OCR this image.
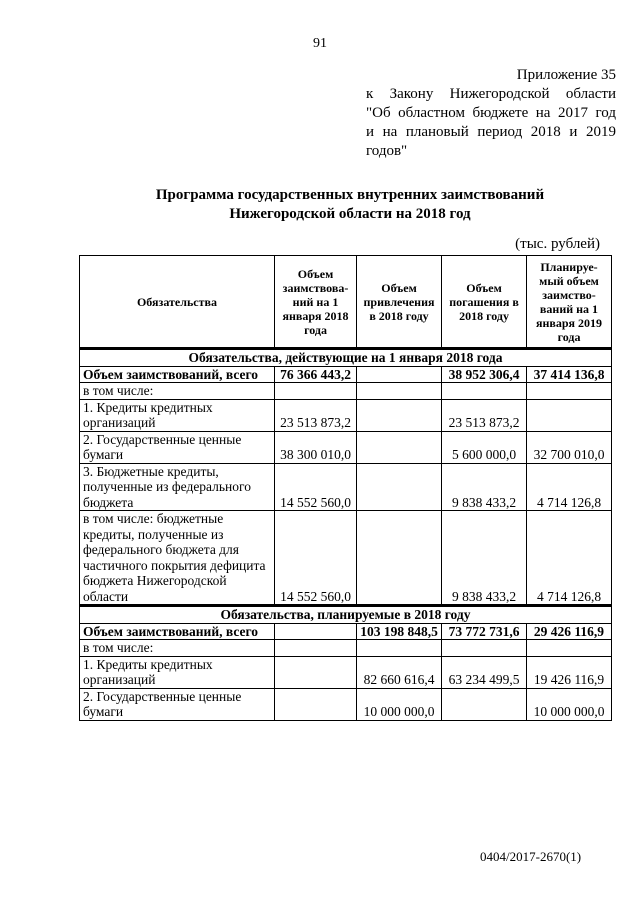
91
Приложение 35
к Закону Нижегородской области
"Об областном бюджете на 2017 год
и на плановый период 2018 и 2019
годов"
Программа государственных внутренних заимствований
Нижегородской области на 2018 год
(тыс. рублей)
Обязательства	Объем заимствова-ний на 1 января 2018 года	Объем привлечения в 2018 году	Объем погашения в 2018 году	Планируе-мый объем заимство-ваний на 1 января 2019 года
Обязательства, действующие на 1 января 2018 года				
Объем заимствований, всего	76 366 443,2		38 952 306,4	37 414 136,8
в том числе:				
1. Кредиты кредитных организаций	23 513 873,2		23 513 873,2	
2. Государственные ценные бумаги	38 300 010,0		5 600 000,0	32 700 010,0
3. Бюджетные кредиты, полученные из федерального бюджета	14 552 560,0		9 838 433,2	4 714 126,8
в том числе: бюджетные кредиты, полученные из федерального бюджета для частичного покрытия дефицита бюджета Нижегородской области	14 552 560,0		9 838 433,2	4 714 126,8
Обязательства, планируемые в 2018 году				
Объем заимствований, всего		103 198 848,5	73 772 731,6	29 426 116,9
в том числе:				
1. Кредиты кредитных организаций		82 660 616,4	63 234 499,5	19 426 116,9
2. Государственные ценные бумаги		10 000 000,0		10 000 000,0
0404/2017-2670(1)
